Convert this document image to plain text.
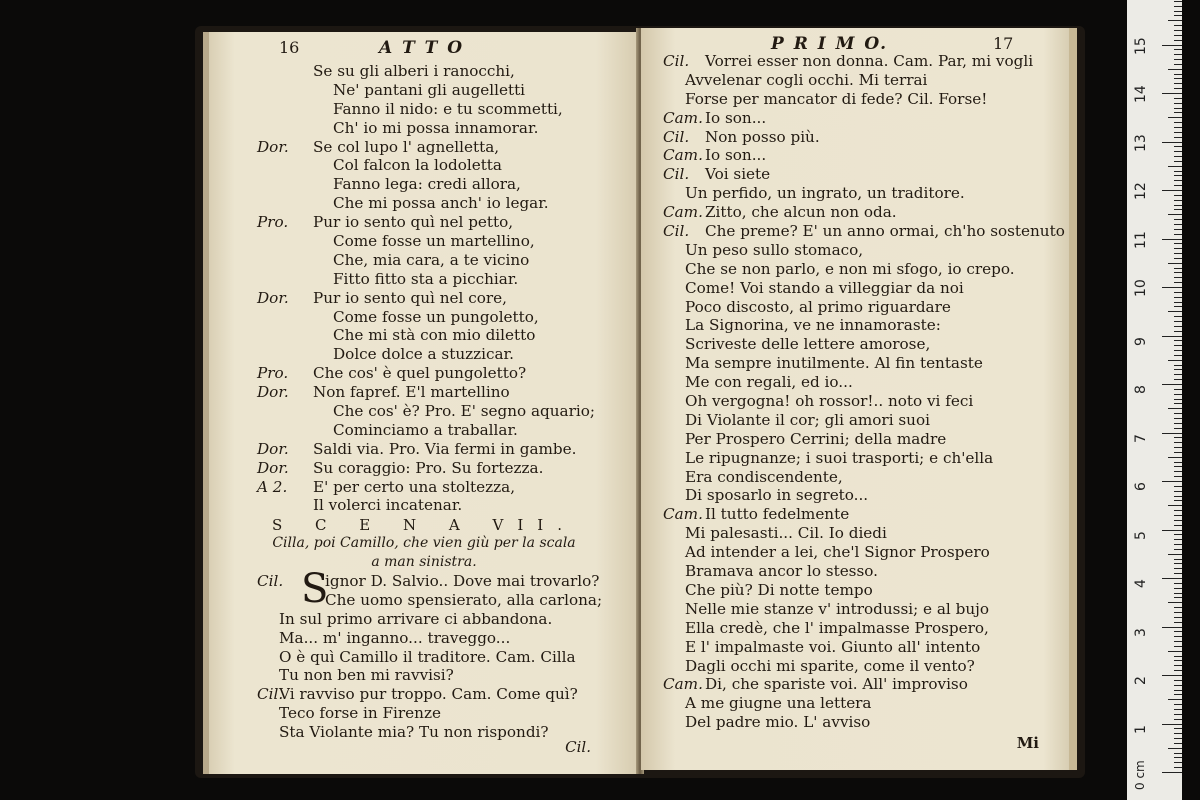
16	A T T O
Se su gli alberi i ranocchi,
Ne' pantani gli augelletti
Fanno il nido: e tu scommetti,
Ch' io mi possa innamorar.
Dor. Se col lupo l' agnelletta,
Col falcon la lodoletta
Fanno lega: credi allora,
Che mi possa anch' io legar.
Pro. Pur io sento quì nel petto,
Come fosse un martellino,
Che, mia cara, a te vicino
Fitto fitto sta a picchiar.
Dor. Pur io sento quì nel core,
Come fosse un pungoletto,
Che mi stà con mio diletto
Dolce dolce a stuzzicar.
Pro. Che cos' è quel pungoletto?
Dor. Non fapref. E'l martellino
Che cos' è? Pro. E' segno aquario;
Cominciamo a traballar.
Dor. Saldi via. Pro. Via fermi in gambe.
Dor. Su coraggio: Pro. Su fortezza.
A 2. E' per certo una stoltezza,
Il volerci incatenar.
S C E N A VII.
Cilla, poi Camillo, che vien giù per la scala
a man sinistra.
S
Cil.	ignor D. Salvio.. Dove mai trovarlo?
Che uomo spensierato, alla carlona;
In sul primo arrivare ci abbandona.
Ma... m' inganno... traveggo...
O è quì Camillo il traditore. Cam. Cilla
Tu non ben mi ravvisi?
Cil.
Vi ravviso pur troppo. Cam. Come quì?
Teco forse in Firenze
Sta Violante mia? Tu non rispondi?
Cil.
P R I M O.	17
Cil. Vorrei esser non donna. Cam. Par, mi vogli
Avvelenar cogli occhi. Mi terrai
Forse per mancator di fede? Cil. Forse!
Cam. Io son...
Cil. Non posso più.
Cam. Io son...
Cil. Voi siete
Un perfido, un ingrato, un traditore.
Cam. Zitto, che alcun non oda.
Cil. Che preme? E' un anno ormai, ch'ho sostenuto
Un peso sullo stomaco,
Che se non parlo, e non mi sfogo, io crepo.
Come! Voi stando a villeggiar da noi
Poco discosto, al primo riguardare
La Signorina, ve ne innamoraste:
Scriveste delle lettere amorose,
Ma sempre inutilmente. Al fin tentaste
Me con regali, ed io...
Oh vergogna! oh rossor!.. noto vi feci
Di Violante il cor; gli amori suoi
Per Prospero Cerrini; della madre
Le ripugnanze; i suoi trasporti; e ch'ella
Era condiscendente,
Di sposarlo in segreto...
Cam. Il tutto fedelmente
Mi palesasti... Cil. Io diedi
Ad intender a lei, che'l Signor Prospero
Bramava ancor lo stesso.
Che più? Di notte tempo
Nelle mie stanze v' introdussi; e al bujo
Ella credè, che l' impalmasse Prospero,
E l' impalmaste voi. Giunto all' intento
Dagli occhi mi sparite, come il vento?
Cam. Di, che spariste voi. All' improviso
A me giugne una lettera
Del padre mio. L' avviso
Mi
0 cm
1
2
3
4
5
6
7
8
9
10
11
12
13
14
15
